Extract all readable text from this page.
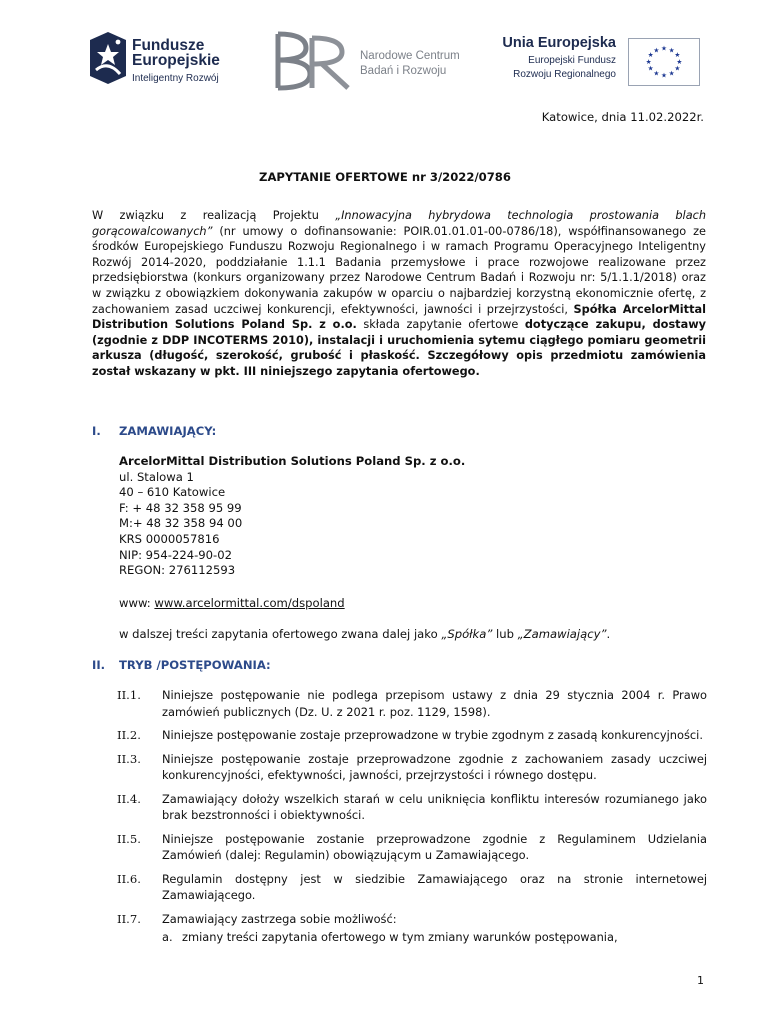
Fundusze
Europejskie
Inteligentny Rozwój
Narodowe Centrum
Badań i Rozwoju
Unia Europejska
Europejski Fundusz
Rozwoju Regionalnego
★ ★
★
★
★
★
★
★
★
★
★
★
Katowice, dnia 11.02.2022r.
ZAPYTANIE OFERTOWE nr 3/2022/0786
W związku z realizacją Projektu „Innowacyjna hybrydowa technologia prostowania blach gorącowalcowanych” (nr umowy o dofinansowanie: POIR.01.01.01-00-0786/18), współfinansowanego ze środków Europejskiego Funduszu Rozwoju Regionalnego i w ramach Programu Operacyjnego Inteligentny Rozwój 2014-2020, poddziałanie 1.1.1 Badania przemysłowe i prace rozwojowe realizowane przez przedsiębiorstwa (konkurs organizowany przez Narodowe Centrum Badań i Rozwoju nr: 5/1.1.1/2018) oraz w związku z obowiązkiem dokonywania zakupów w oparciu o najbardziej korzystną ekonomicznie ofertę, z zachowaniem zasad uczciwej konkurencji, efektywności, jawności i przejrzystości, Spółka ArcelorMittal Distribution Solutions Poland Sp. z o.o. składa zapytanie ofertowe dotyczące zakupu, dostawy (zgodnie z DDP INCOTERMS 2010), instalacji i uruchomienia sytemu ciągłego pomiaru geometrii arkusza (długość, szerokość, grubość i płaskość. Szczegółowy opis przedmiotu zamówienia został wskazany w pkt. III niniejszego zapytania ofertowego.
I. ZAMAWIAJĄCY:
ArcelorMittal Distribution Solutions Poland Sp. z o.o.
ul. Stalowa 1
40 – 610 Katowice
F: + 48 32 358 95 99
M:+ 48 32 358 94 00
KRS 0000057816
NIP: 954-224-90-02
REGON: 276112593
www: www.arcelormittal.com/dspoland
w dalszej treści zapytania ofertowego zwana dalej jako „Spółka” lub „Zamawiający”.
II. TRYB /POSTĘPOWANIA:
II.1.	Niniejsze postępowanie nie podlega przepisom ustawy z dnia 29 stycznia 2004 r. Prawo zamówień publicznych (Dz. U. z 2021 r. poz. 1129, 1598).
II.2.	Niniejsze postępowanie zostaje przeprowadzone w trybie zgodnym z zasadą konkurencyjności.
II.3.	Niniejsze postępowanie zostaje przeprowadzone zgodnie z zachowaniem zasady uczciwej konkurencyjności, efektywności, jawności, przejrzystości i równego dostępu.
II.4.	Zamawiający dołoży wszelkich starań w celu uniknięcia konfliktu interesów rozumianego jako brak bezstronności i obiektywności.
II.5.	Niniejsze postępowanie zostanie przeprowadzone zgodnie z Regulaminem Udzielania Zamówień (dalej: Regulamin) obowiązującym u Zamawiającego.
II.6.	Regulamin dostępny jest w siedzibie Zamawiającego oraz na stronie internetowej Zamawiającego.
II.7.	Zamawiający zastrzega sobie możliwość:
a. zmiany treści zapytania ofertowego w tym zmiany warunków postępowania,
1
